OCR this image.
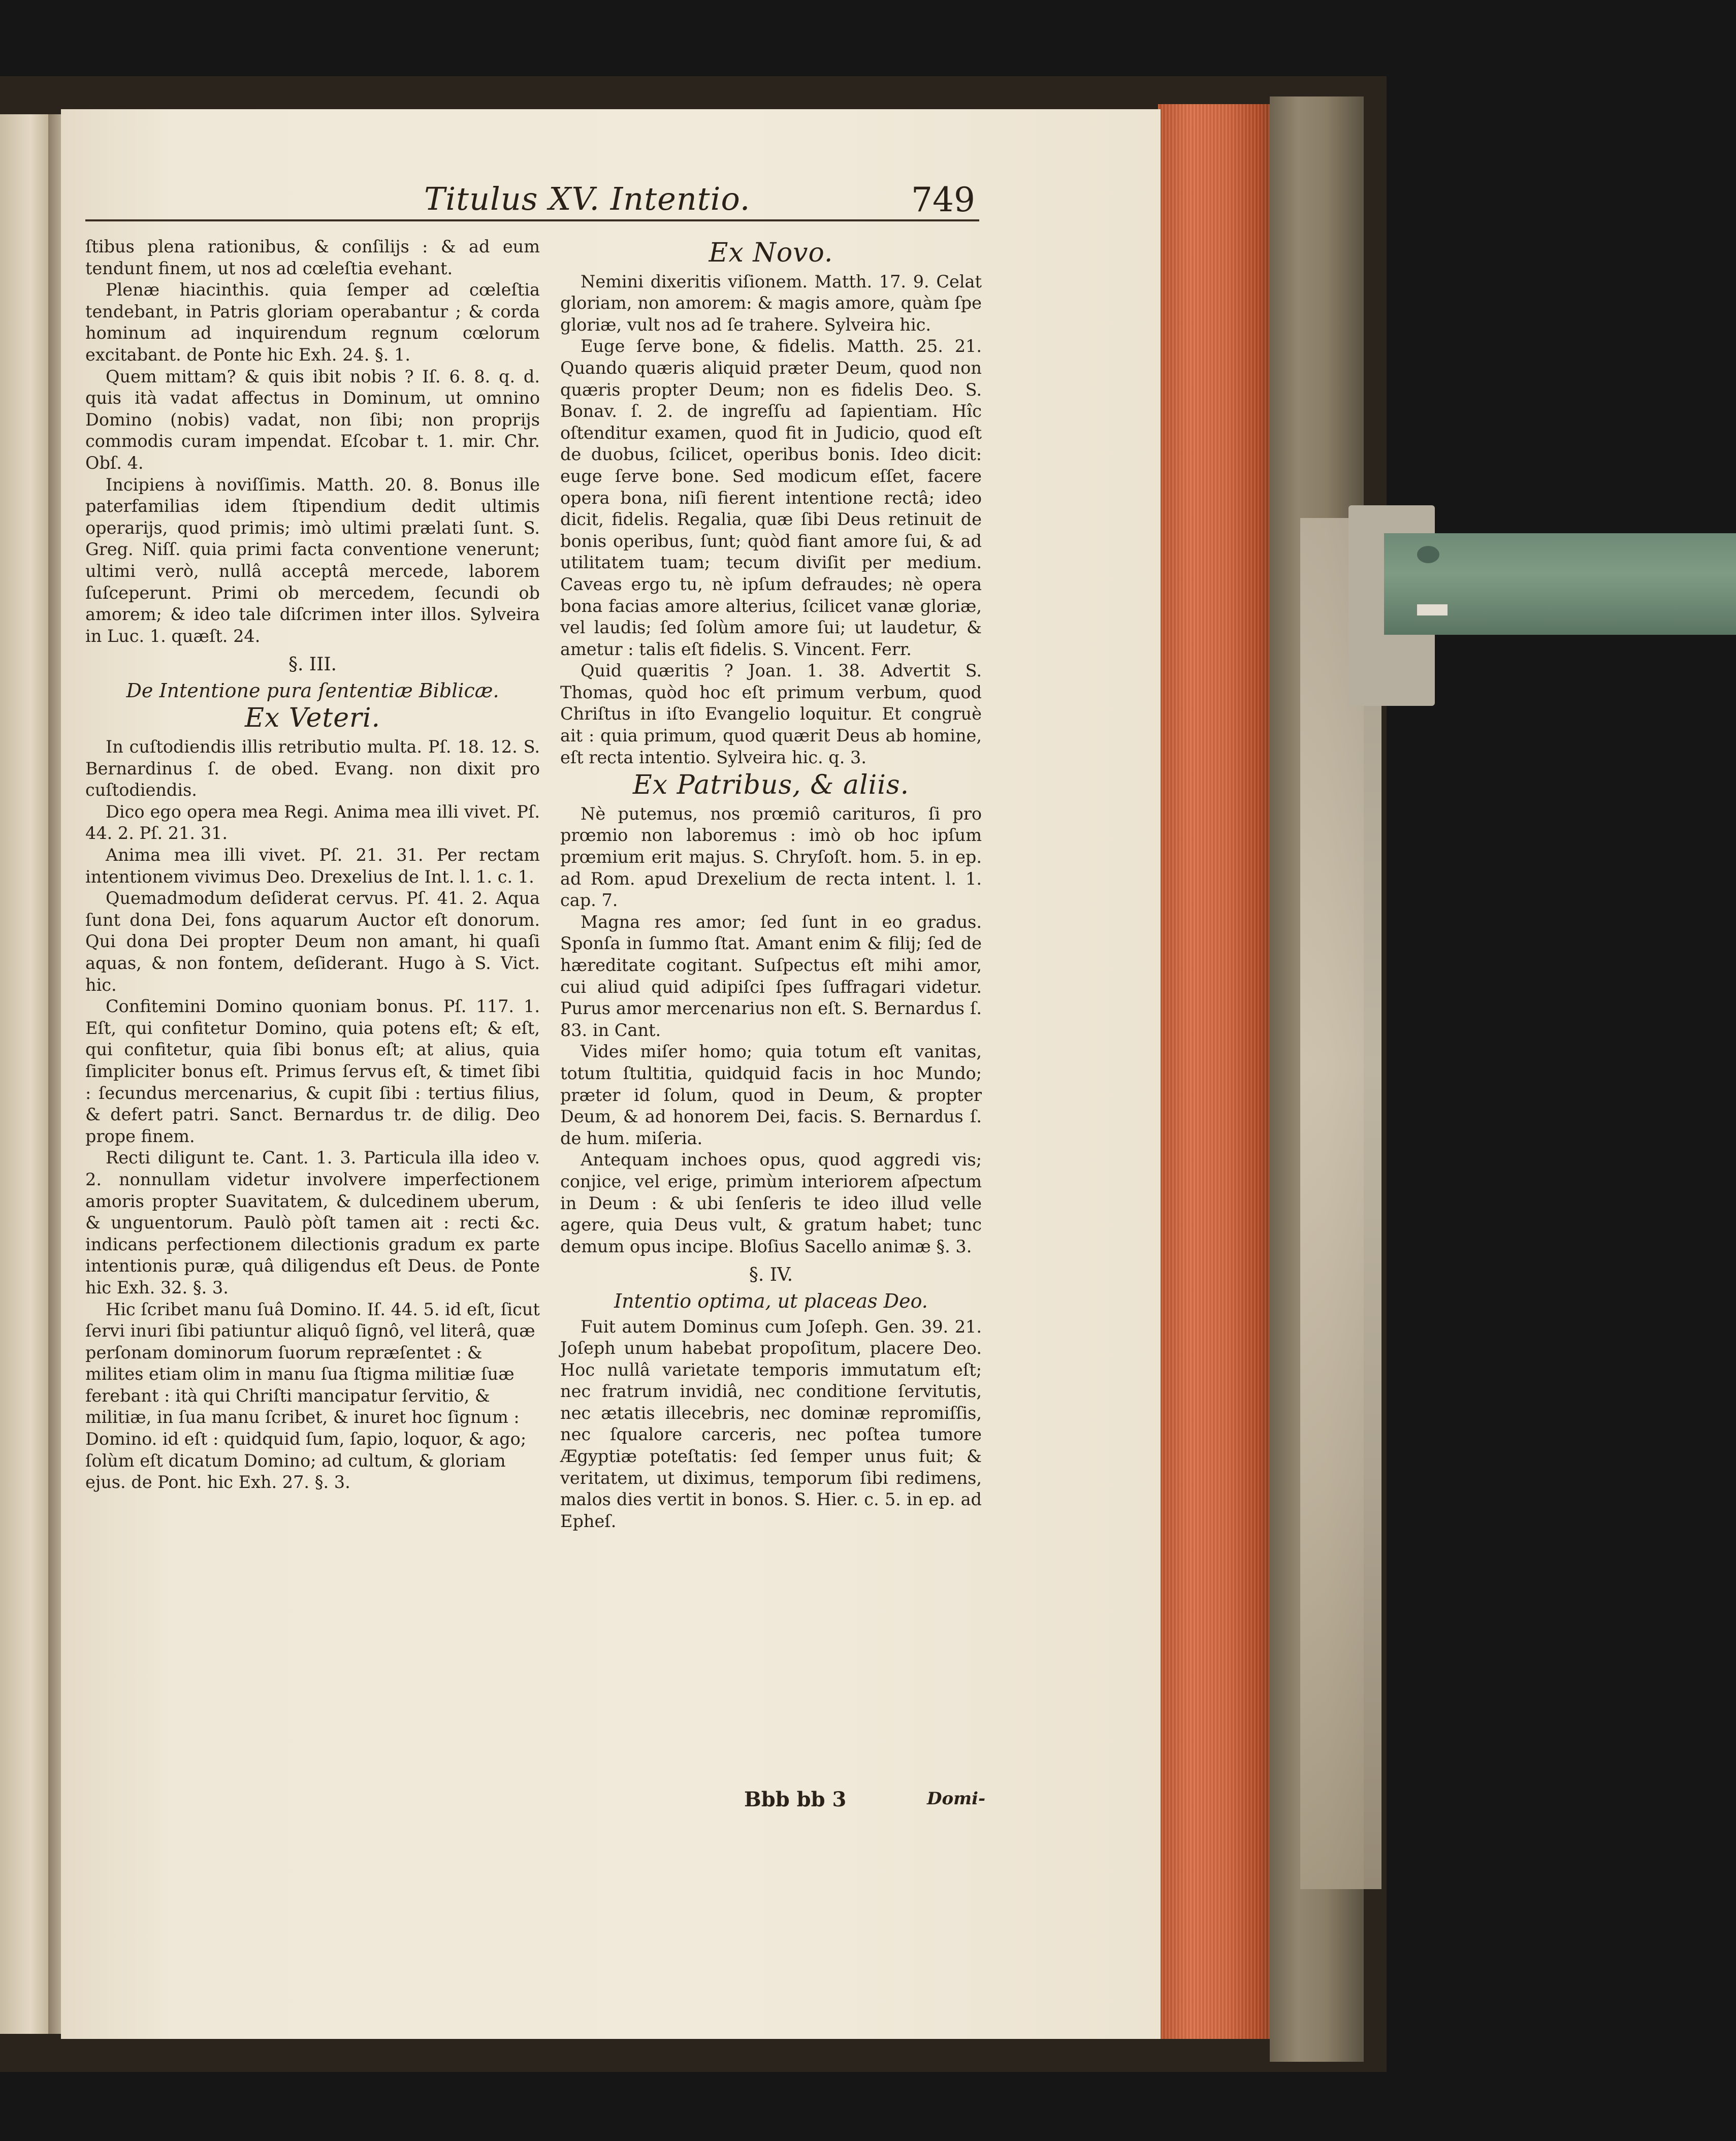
Titulus XV. Intentio.	749
ſtibus plena rationibus, & conſilijs : & ad eum tendunt finem, ut nos ad cœleſtia evehant.
Plenæ hiacinthis. quia ſemper ad cœleſtia tendebant, in Patris gloriam operabantur ; & corda hominum ad inquirendum regnum cœlorum excitabant. de Ponte hic Exh. 24. §. 1.
Quem mittam? & quis ibit nobis ? Iſ. 6. 8. q. d. quis ità vadat affectus in Dominum, ut omnino Domino (nobis) vadat, non ſibi; non proprijs commodis curam impendat. Eſcobar t. 1. mir. Chr. Obſ. 4.
Incipiens à noviſſimis. Matth. 20. 8. Bonus ille paterfamilias idem ſtipendium dedit ultimis operarijs, quod primis; imò ultimi prælati ſunt. S. Greg. Niſſ. quia primi facta conventione venerunt; ultimi verò, nullâ acceptâ mercede, laborem ſuſceperunt. Primi ob mercedem, ſecundi ob amorem; & ideo tale diſcrimen inter illos. Sylveira in Luc. 1. quæſt. 24.
§. III.
De Intentione pura ſententiæ Biblicæ.
Ex Veteri.
In cuſtodiendis illis retributio multa. Pſ. 18. 12. S. Bernardinus ſ. de obed. Evang. non dixit pro cuſtodiendis.
Dico ego opera mea Regi. Anima mea illi vivet. Pſ. 44. 2. Pſ. 21. 31.
Anima mea illi vivet. Pſ. 21. 31. Per rectam intentionem vivimus Deo. Drexelius de Int. l. 1. c. 1.
Quemadmodum deſiderat cervus. Pſ. 41. 2. Aqua ſunt dona Dei, fons aquarum Auctor eſt donorum. Qui dona Dei propter Deum non amant, hi quaſi aquas, & non fontem, deſiderant. Hugo à S. Vict. hic.
Confitemini Domino quoniam bonus. Pſ. 117. 1. Eſt, qui confitetur Domino, quia potens eſt; & eſt, qui confitetur, quia ſibi bonus eſt; at alius, quia ſimpliciter bonus eſt. Primus ſervus eſt, & timet ſibi : ſecundus mercenarius, & cupit ſibi : tertius filius, & defert patri. Sanct. Bernardus tr. de dilig. Deo prope finem.
Recti diligunt te. Cant. 1. 3. Particula illa ideo v. 2. nonnullam videtur involvere imperfectionem amoris propter Suavitatem, & dulcedinem uberum, & unguentorum. Paulò pòſt tamen ait : recti &c. indicans perfectionem dilectionis gradum ex parte intentionis puræ, quâ diligendus eſt Deus. de Ponte hic Exh. 32. §. 3.
Hic ſcribet manu ſuâ Domino. Iſ. 44. 5. id eſt, ſicut ſervi inuri ſibi patiuntur aliquô ſignô, vel literâ, quæ perſonam dominorum ſuorum repræſentet : & milites etiam olim in manu ſua ſtigma militiæ ſuæ ferebant : ità qui Chriſti mancipatur ſervitio, & militiæ, in ſua manu ſcribet, & inuret hoc ſignum : Domino. id eſt : quidquid ſum, ſapio, loquor, & ago; ſolùm eſt dicatum Domino; ad cultum, & gloriam ejus. de Pont. hic Exh. 27. §. 3.
Ex Novo.
Nemini dixeritis viſionem. Matth. 17. 9. Celat gloriam, non amorem: & magis amore, quàm ſpe gloriæ, vult nos ad ſe trahere. Sylveira hic.
Euge ſerve bone, & fidelis. Matth. 25. 21. Quando quæris aliquid præter Deum, quod non quæris propter Deum; non es fidelis Deo. S. Bonav. ſ. 2. de ingreſſu ad ſapientiam. Hîc oſtenditur examen, quod fit in Judicio, quod eſt de duobus, ſcilicet, operibus bonis. Ideo dicit: euge ſerve bone. Sed modicum eſſet, facere opera bona, niſi fierent intentione rectâ; ideo dicit, fidelis. Regalia, quæ ſibi Deus retinuit de bonis operibus, ſunt; quòd fiant amore ſui, & ad utilitatem tuam; tecum diviſit per medium. Caveas ergo tu, nè ipſum defraudes; nè opera bona facias amore alterius, ſcilicet vanæ gloriæ, vel laudis; ſed ſolùm amore ſui; ut laudetur, & ametur : talis eſt fidelis. S. Vincent. Ferr.
Quid quæritis ? Joan. 1. 38. Advertit S. Thomas, quòd hoc eſt primum verbum, quod Chriſtus in iſto Evangelio loquitur. Et congruè ait : quia primum, quod quærit Deus ab homine, eſt recta intentio. Sylveira hic. q. 3.
Ex Patribus, & aliis.
Nè putemus, nos prœmiô cariturοs, ſi pro prœmio non laboremus : imò ob hoc ipſum prœmium erit majus. S. Chryſoſt. hom. 5. in ep. ad Rom. apud Drexelium de recta intent. l. 1. cap. 7.
Magna res amor; ſed ſunt in eo gradus. Sponſa in ſummo ſtat. Amant enim & filij; ſed de hæreditate cogitant. Suſpectus eſt mihi amor, cui aliud quid adipiſci ſpes ſuffragari videtur. Purus amor mercenarius non eſt. S. Bernardus ſ. 83. in Cant.
Vides miſer homo; quia totum eſt vanitas, totum ſtultitia, quidquid facis in hoc Mundo; præter id ſolum, quod in Deum, & propter Deum, & ad honorem Dei, facis. S. Bernardus ſ. de hum. miſeria.
Antequam inchoes opus, quod aggredi vis; conjice, vel erige, primùm interiorem aſpectum in Deum : & ubi ſenſeris te ideo illud velle agere, quia Deus vult, & gratum habet; tunc demum opus incipe. Bloſius Sacello animæ §. 3.
§. IV.
Intentio optima, ut placeas Deo.
Fuit autem Dominus cum Joſeph. Gen. 39. 21. Joſeph unum habebat propoſitum, placere Deo. Hoc nullâ varietate temporis immutatum eſt; nec fratrum invidiâ, nec conditione ſervitutis, nec ætatis illecebris, nec dominæ repromiſſis, nec ſqualore carceris, nec poſtea tumore Ægyptiæ poteſtatis: ſed ſemper unus fuit; & veritatem, ut diximus, temporum ſibi redimens, malos dies vertit in bonos. S. Hier. c. 5. in ep. ad Epheſ.
Bbb bb 3	Domi-
